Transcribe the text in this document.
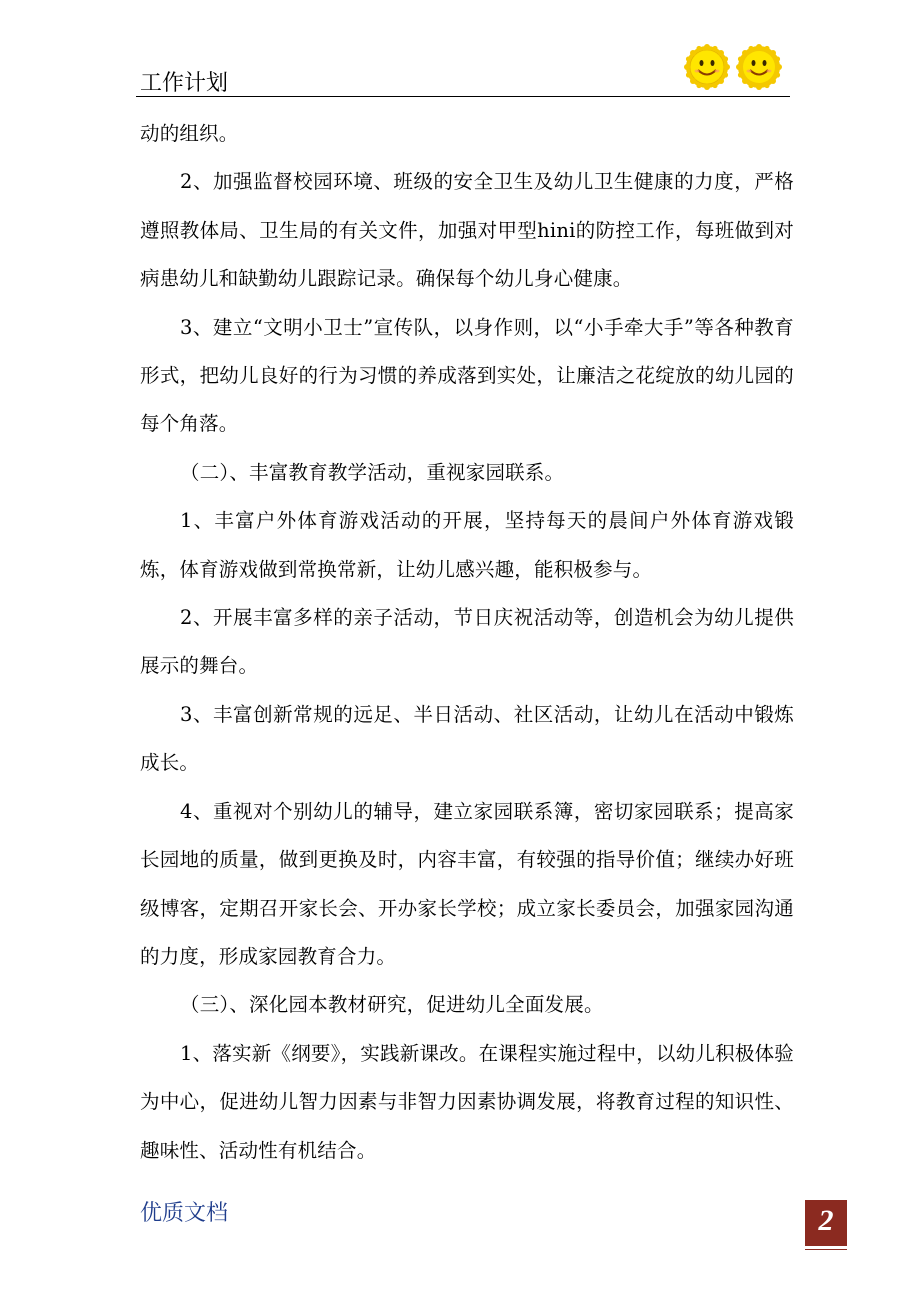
工作计划

动的组织。

2、加强监督校园环境、班级的安全卫生及幼儿卫生健康的力度，严格遵照教体局、卫生局的有关文件，加强对甲型hini的防控工作，每班做到对病患幼儿和缺勤幼儿跟踪记录。确保每个幼儿身心健康。

3、建立“文明小卫士”宣传队，以身作则，以“小手牵大手”等各种教育形式，把幼儿良好的行为习惯的养成落到实处，让廉洁之花绽放的幼儿园的每个角落。

（二）、丰富教育教学活动，重视家园联系。

1、丰富户外体育游戏活动的开展，坚持每天的晨间户外体育游戏锻炼，体育游戏做到常换常新，让幼儿感兴趣，能积极参与。

2、开展丰富多样的亲子活动，节日庆祝活动等，创造机会为幼儿提供展示的舞台。

3、丰富创新常规的远足、半日活动、社区活动，让幼儿在活动中锻炼成长。

4、重视对个别幼儿的辅导，建立家园联系簿，密切家园联系；提高家长园地的质量，做到更换及时，内容丰富，有较强的指导价值；继续办好班级博客，定期召开家长会、开办家长学校；成立家长委员会，加强家园沟通的力度，形成家园教育合力。

（三）、深化园本教材研究，促进幼儿全面发展。

1、落实新《纲要》，实践新课改。在课程实施过程中，以幼儿积极体验为中心，促进幼儿智力因素与非智力因素协调发展，将教育过程的知识性、趣味性、活动性有机结合。

优质文档	2
